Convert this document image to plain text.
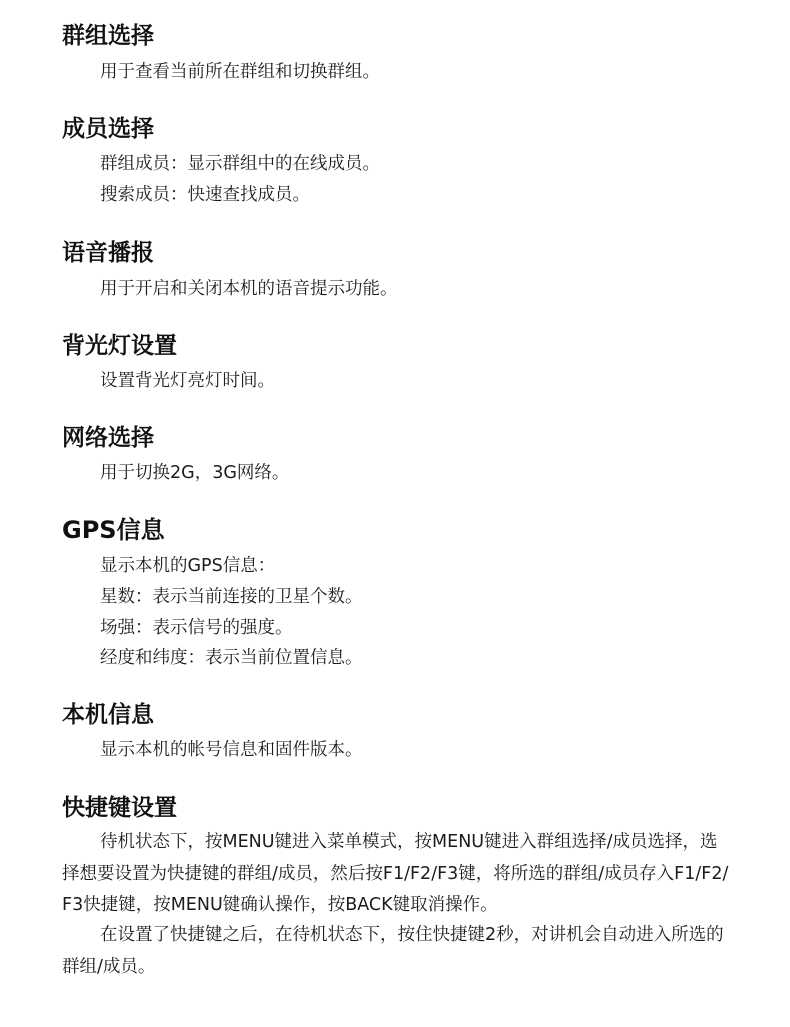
群组选择

用于查看当前所在群组和切换群组。

成员选择

群组成员：显示群组中的在线成员。

搜索成员：快速查找成员。

语音播报

用于开启和关闭本机的语音提示功能。

背光灯设置

设置背光灯亮灯时间。

网络选择

用于切换2G，3G网络。

GPS信息

显示本机的GPS信息：

星数：表示当前连接的卫星个数。

场强：表示信号的强度。

经度和纬度：表示当前位置信息。

本机信息

显示本机的帐号信息和固件版本。

快捷键设置

待机状态下，按MENU键进入菜单模式，按MENU键进入群组选择/成员选择，选择想要设置为快捷键的群组/成员，然后按F1/F2/F3键，将所选的群组/成员存入F1/F2/F3快捷键，按MENU键确认操作，按BACK键取消操作。

在设置了快捷键之后，在待机状态下，按住快捷键2秒，对讲机会自动进入所选的群组/成员。
